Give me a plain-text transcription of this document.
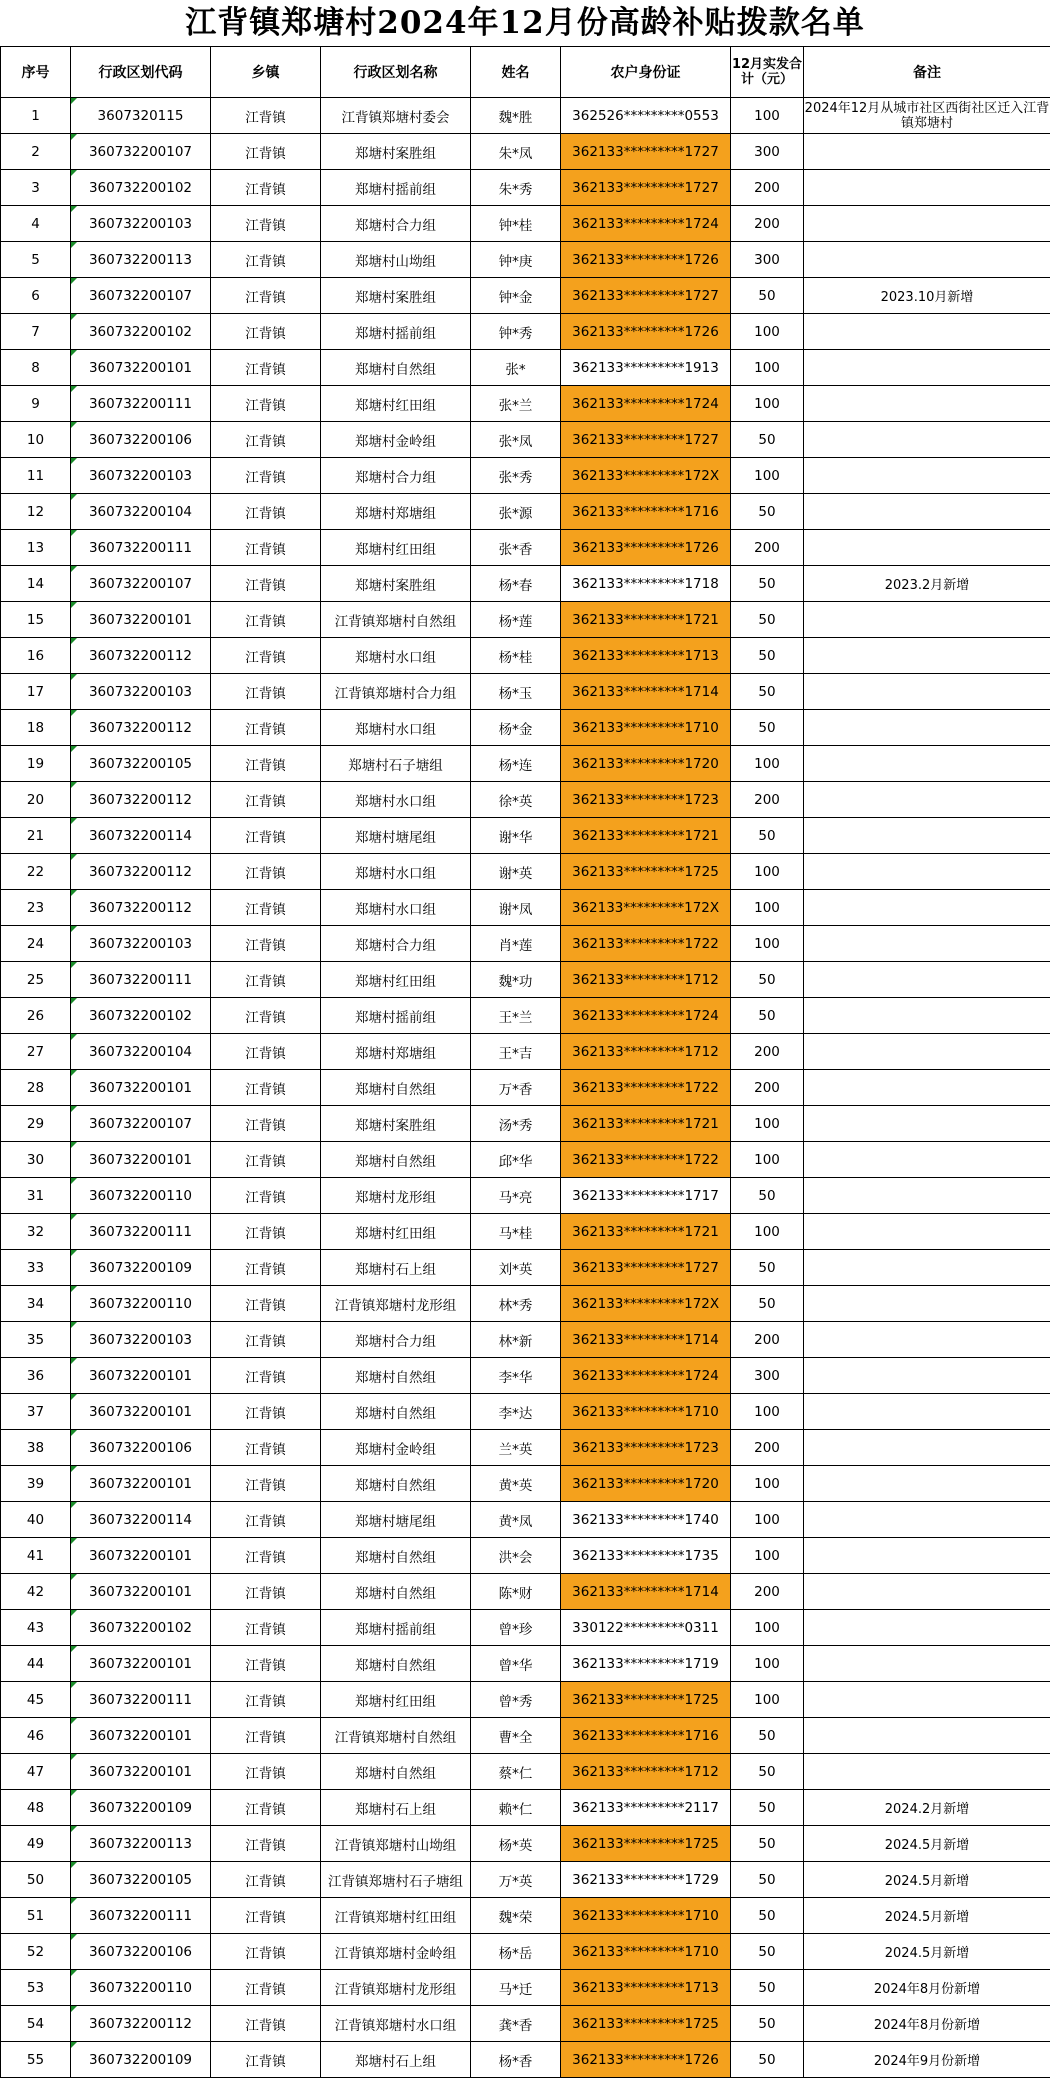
江背镇郑塘村2024年12月份高龄补贴拨款名单
序号	行政区划代码	乡镇	行政区划名称	姓名	农户身份证	12月实发合计（元）	备注
1	3607320115	江背镇	江背镇郑塘村委会	魏*胜	362526*********0553	100	2024年12月从城市社区西街社区迁入江背镇郑塘村
2	360732200107	江背镇	郑塘村案胜组	朱*凤	362133*********1727	300	
3	360732200102	江背镇	郑塘村摇前组	朱*秀	362133*********1727	200	
4	360732200103	江背镇	郑塘村合力组	钟*桂	362133*********1724	200	
5	360732200113	江背镇	郑塘村山坳组	钟*庚	362133*********1726	300	
6	360732200107	江背镇	郑塘村案胜组	钟*金	362133*********1727	50	2023.10月新增
7	360732200102	江背镇	郑塘村摇前组	钟*秀	362133*********1726	100	
8	360732200101	江背镇	郑塘村自然组	张*	362133*********1913	100	
9	360732200111	江背镇	郑塘村红田组	张*兰	362133*********1724	100	
10	360732200106	江背镇	郑塘村金岭组	张*凤	362133*********1727	50	
11	360732200103	江背镇	郑塘村合力组	张*秀	362133*********172X	100	
12	360732200104	江背镇	郑塘村郑塘组	张*源	362133*********1716	50	
13	360732200111	江背镇	郑塘村红田组	张*香	362133*********1726	200	
14	360732200107	江背镇	郑塘村案胜组	杨*春	362133*********1718	50	2023.2月新增
15	360732200101	江背镇	江背镇郑塘村自然组	杨*莲	362133*********1721	50	
16	360732200112	江背镇	郑塘村水口组	杨*桂	362133*********1713	50	
17	360732200103	江背镇	江背镇郑塘村合力组	杨*玉	362133*********1714	50	
18	360732200112	江背镇	郑塘村水口组	杨*金	362133*********1710	50	
19	360732200105	江背镇	郑塘村石子塘组	杨*连	362133*********1720	100	
20	360732200112	江背镇	郑塘村水口组	徐*英	362133*********1723	200	
21	360732200114	江背镇	郑塘村塘尾组	谢*华	362133*********1721	50	
22	360732200112	江背镇	郑塘村水口组	谢*英	362133*********1725	100	
23	360732200112	江背镇	郑塘村水口组	谢*凤	362133*********172X	100	
24	360732200103	江背镇	郑塘村合力组	肖*莲	362133*********1722	100	
25	360732200111	江背镇	郑塘村红田组	魏*功	362133*********1712	50	
26	360732200102	江背镇	郑塘村摇前组	王*兰	362133*********1724	50	
27	360732200104	江背镇	郑塘村郑塘组	王*吉	362133*********1712	200	
28	360732200101	江背镇	郑塘村自然组	万*香	362133*********1722	200	
29	360732200107	江背镇	郑塘村案胜组	汤*秀	362133*********1721	100	
30	360732200101	江背镇	郑塘村自然组	邱*华	362133*********1722	100	
31	360732200110	江背镇	郑塘村龙形组	马*亮	362133*********1717	50	
32	360732200111	江背镇	郑塘村红田组	马*桂	362133*********1721	100	
33	360732200109	江背镇	郑塘村石上组	刘*英	362133*********1727	50	
34	360732200110	江背镇	江背镇郑塘村龙形组	林*秀	362133*********172X	50	
35	360732200103	江背镇	郑塘村合力组	林*新	362133*********1714	200	
36	360732200101	江背镇	郑塘村自然组	李*华	362133*********1724	300	
37	360732200101	江背镇	郑塘村自然组	李*达	362133*********1710	100	
38	360732200106	江背镇	郑塘村金岭组	兰*英	362133*********1723	200	
39	360732200101	江背镇	郑塘村自然组	黄*英	362133*********1720	100	
40	360732200114	江背镇	郑塘村塘尾组	黄*凤	362133*********1740	100	
41	360732200101	江背镇	郑塘村自然组	洪*会	362133*********1735	100	
42	360732200101	江背镇	郑塘村自然组	陈*财	362133*********1714	200	
43	360732200102	江背镇	郑塘村摇前组	曾*珍	330122*********0311	100	
44	360732200101	江背镇	郑塘村自然组	曾*华	362133*********1719	100	
45	360732200111	江背镇	郑塘村红田组	曾*秀	362133*********1725	100	
46	360732200101	江背镇	江背镇郑塘村自然组	曹*全	362133*********1716	50	
47	360732200101	江背镇	郑塘村自然组	蔡*仁	362133*********1712	50	
48	360732200109	江背镇	郑塘村石上组	赖*仁	362133*********2117	50	2024.2月新增
49	360732200113	江背镇	江背镇郑塘村山坳组	杨*英	362133*********1725	50	2024.5月新增
50	360732200105	江背镇	江背镇郑塘村石子塘组	万*英	362133*********1729	50	2024.5月新增
51	360732200111	江背镇	江背镇郑塘村红田组	魏*荣	362133*********1710	50	2024.5月新增
52	360732200106	江背镇	江背镇郑塘村金岭组	杨*岳	362133*********1710	50	2024.5月新增
53	360732200110	江背镇	江背镇郑塘村龙形组	马*迁	362133*********1713	50	2024年8月份新增
54	360732200112	江背镇	江背镇郑塘村水口组	龚*香	362133*********1725	50	2024年8月份新增
55	360732200109	江背镇	郑塘村石上组	杨*香	362133*********1726	50	2024年9月份新增
